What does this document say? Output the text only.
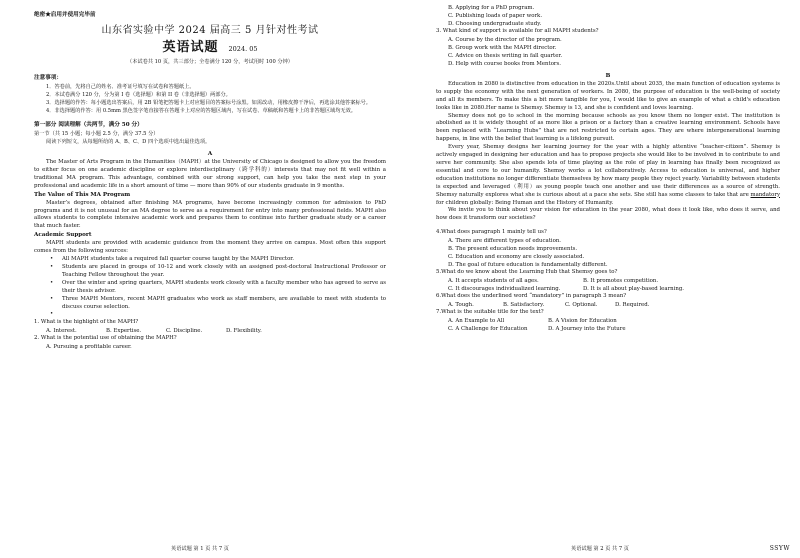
绝密★启用并使用完毕前
山东省实验中学 2024 届高三 5 月针对性考试
英语试题 2024. 05
（本试卷共 10 页，共三部分；全卷满分 120 分，考试用时 100 分钟）
注意事项：

1．答卷前，先将自己的姓名、准考证号填写在试卷和答题纸上。

2．本试卷满分 120 分，分为第 I 卷（选择题）和第 II 卷（非选择题）两部分。

3．选择题的作答：每小题选出答案后，用 2B 铅笔把答题卡上对应题目的答案标号涂黑。如需改动，用橡皮擦干净后，再选涂其他答案标号。

4．非选择题的作答：用 0.5mm 黑色签字笔直接答在答题卡上对应的答题区域内，写在试卷、草稿纸和答题卡上的非答题区域均无效。

第一部分 阅读理解（共两节，满分 50 分）

第一节（共 15 小题；每小题 2.5 分，满分 37.5 分）

阅读下列短文，从每题所给的 A、B、C、D 四个选项中选出最佳选项。

A

The Master of Arts Program in the Humanities（MAPH）at the University of Chicago is designed to allow you the freedom to either focus on one academic discipline or explore interdisciplinary（跨学科的）interests that may not fit well within a traditional MA program. This advantage, combined with our strong support, can help you take the next step in your professional and academic life in a short amount of time — more than 90% of our students graduate in 9 months.

The Value of This MA Program

Master’s degrees, obtained after finishing MA programs, have become increasingly common for admission to PhD programs and it is not unusual for an MA degree to serve as a requirement for entry into many professional fields. MAPH also allows students to complete intensive academic work and prepares them to continue into further graduate study or a career that much faster.

Academic Support

MAPH students are provided with academic guidance from the moment they arrive on campus. Most often this support comes from the following sources:

• All MAPH students take a required fall quarter course taught by the MAPH Director.
• Students are placed in groups of 10-12 and work closely with an assigned post-doctoral Instructional Professor or Teaching Fellow throughout the year.
• Over the winter and spring quarters, MAPH students work closely with a faculty member who has agreed to serve as their thesis advisor.
• Three MAPH Mentors, recent MAPH graduates who work as staff members, are available to meet with students to discuss course selection.
•

1. What is the highlight of the MAPH?

A. Interest.	B. Expertise.	C. Discipline.	D. Flexibility.

2. What is the potential use of obtaining the MAPH?

A. Pursuing a profitable career.
英语试题 第 1 页 共 7 页
B. Applying for a PhD program.
C. Publishing loads of paper work.
D. Choosing undergraduate study.

3. What kind of support is available for all MAPH students?

A. Course by the director of the program.
B. Group work with the MAPH director.
C. Advice on thesis writing in fall quarter.
D. Help with course books from Mentors.
B

Education in 2080 is distinctive from education in the 2020s.Until about 2035, the main function of education systems is to supply the economy with the next generation of workers. In 2080, the purpose of education is the well-being of society and all its members. To make this a bit more tangible for you, I would like to give an example of what a child's education looks like in 2080.Her name is Shemsy. Shemsy is 13, and she is confident and loves learning.

Shemsy does not go to school in the morning because schools as you know them no longer exist. The institution is abolished as it is widely thought of as more like a prison or a factory than a creative learning environment. Schools have been replaced with “Learning Hubs” that are not restricted to certain ages. They are where intergenerational learning happens, in line with the belief that learning is a lifelong pursuit.

Every year, Shemsy designs her learning journey for the year with a highly attentive “teacher-citizen”. Shemsy is actively engaged in designing her education and has to propose projects she would like to be involved in to contribute to and serve her community. She also spends lots of time playing as the role of play in learning has finally been recognized as essential and core to our humanity. Shemsy works a lot collaboratively. Access to education is universal, and higher education institutions no longer differentiate themselves by how many people they reject yearly. Variability between students is expected and leveraged（利用）as young people teach one another and use their differences as a source of strength. Shemsy naturally explores what she is curious about at a pace she sets. She still has some classes to take that are mandatory for children globally: Being Human and the History of Humanity.

We invite you to think about your vision for education in the year 2080, what does it look like, who does it serve, and how does it transform our societies?

4.What does paragraph 1 mainly tell us?

A. There are different types of education.
B. The present education needs improvements.
C. Education and economy are closely associated.
D. The goal of future education is fundamentally different.

5.What do we know about the Learning Hub that Shemsy goes to?

A. It accepts students of all ages.	B. It promotes competition.
C. It discourages individualized learning.	D. It is all about play-based learning.

6.What does the underlined word “mandatory” in paragraph 3 mean?

A. Tough.	B. Satisfactory.	C. Optional.	D. Required.

7.What is the suitable title for the text?

A. An Example to All	B. A Vision for Education
C. A Challenge for Education	D. A Journey into the Future
英语试题 第 2 页 共 7 页	SSYW
